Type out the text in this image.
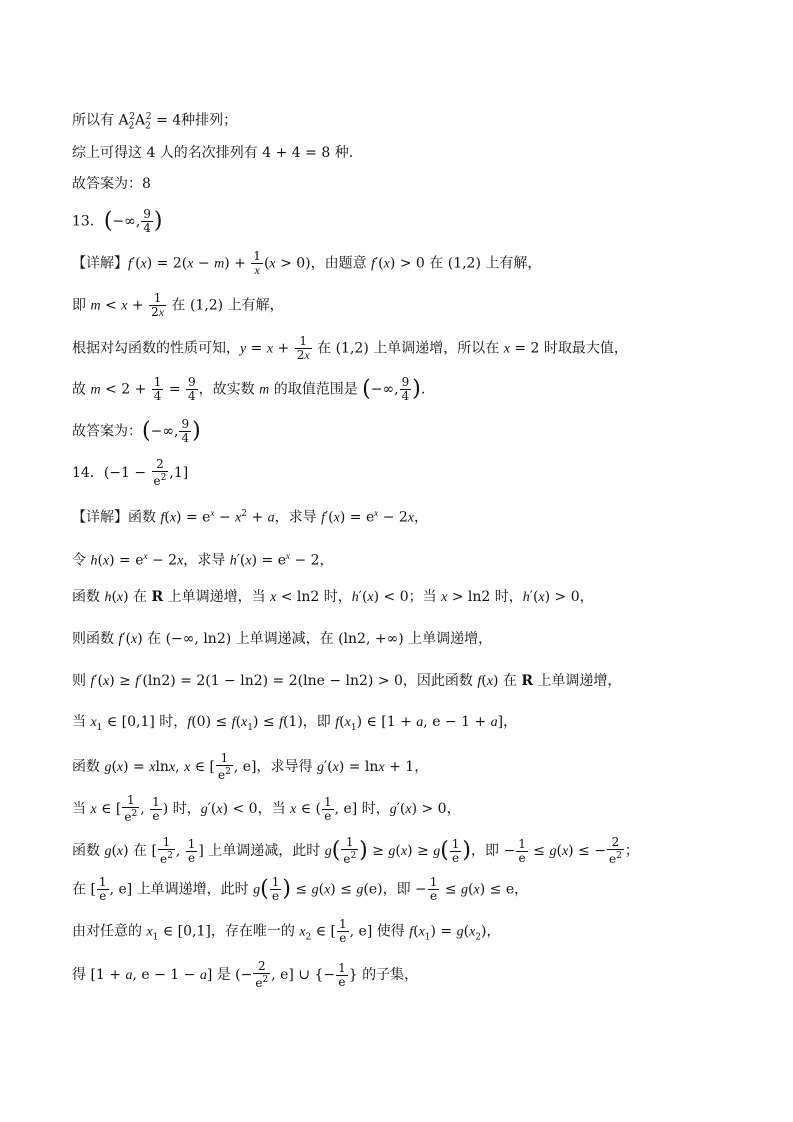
所以有 $A_2^2A_2^2 = 4$种排列；
综上可得这 4 人的名次排列有 4 + 4 = 8 种.
故答案为：8
13．(−∞, $\frac{9}{4}$ )
【详解】$f'(x) = 2(x - m) + \frac{1}{x} (x > 0)$，由题意 f′(x) > 0 在 (1,2) 上有解，
即 $m < x + \frac{1}{2x}$ 在 (1,2) 上有解，
根据对勾函数的性质可知，$y = x + \frac{1}{2x}$ 在 (1,2) 上单调递增，所以在 x = 2 时取最大值，
故 $m < 2 + \frac{1}{4} = \frac{9}{4}$ ，故实数 m 的取值范围是 (−∞, $\frac{9}{4}$ ).
故答案为：(−∞, $\frac{9}{4}$ )
14．$(-1 - \frac{2}{e^2} ,1]$
【详解】函数 $f(x) = e^x - x^2 + a$，求导 $f'(x) = e^x - 2x$，
令 $h(x) = e^x - 2x$，求导 $h'(x) = e^x - 2$，
函数 h(x) 在 R 上单调递增，当 x < ln2 时，h′(x) < 0；当 x > ln2 时，h′(x) > 0，
则函数 f′(x) 在 (−∞, ln2) 上单调递减，在 (ln2, +∞) 上单调递增，
则 f′(x) ≥ f′(ln2) = 2(1 − ln2) = 2(lne − ln2) > 0，因此函数 f(x) 在 R 上单调递增，
当 $x_1$ ∈ [0,1] 时，$f(0) \le f(x_1) \le f(1)$，即 $f(x_1)$ ∈ [1 + a, e − 1 + a]，
函数 g(x) = xlnx, x ∈ [ $\frac{1}{e^2}$ , e]，求导得 g′(x) = lnx + 1，
当 x ∈ [ $\frac{1}{e^2}$ , $\frac{1}{e}$ ) 时，g′(x) < 0，当 x ∈ ( $\frac{1}{e}$ , e] 时，g′(x) > 0，
函数 g(x) 在 [ $\frac{1}{e^2}$ , $\frac{1}{e}$ ] 上单调递减，此时 $g( \frac{1}{e^2}$ ) ≥ $g(x) \ge g( \frac{1}{e}$ )，即 − $\frac{1}{e} \le g(x)$ ≤ − $\frac{2}{e^2}$ ；
在 [ $\frac{1}{e}$ , e] 上单调递增，此时 $g( \frac{1}{e}$ ) ≤ g(x) ≤ g(e)，即 − $\frac{1}{e} \le g(x) \le e$，
由对任意的 $x_1$ ∈ [0,1]，存在唯一的 $x_2$ ∈ [ $\frac{1}{e}$ , e] 使得 $f(x_1) = g(x_2)$，
得 [1 + a, e − 1 − a] 是 (− $\frac{2}{e^2}$ , e] ∪ {− $\frac{1}{e}$ } 的子集，
